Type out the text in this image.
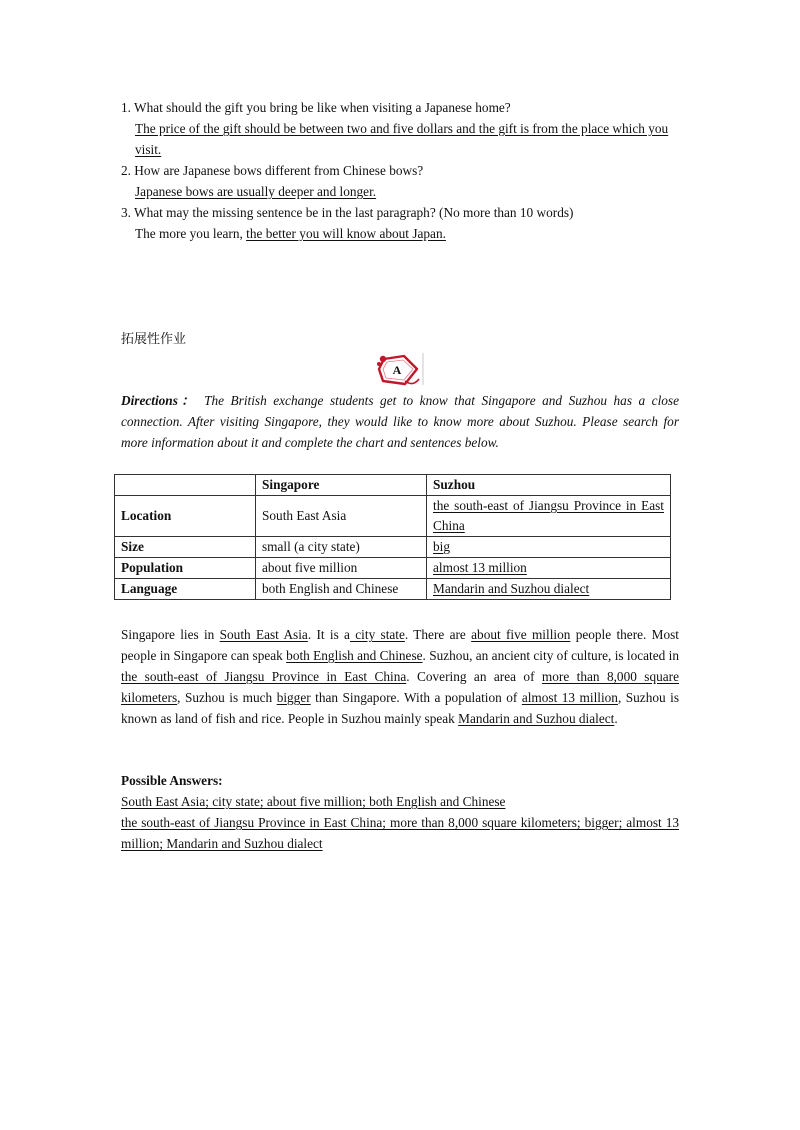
1. What should the gift you bring be like when visiting a Japanese home?
The price of the gift should be between two and five dollars and the gift is from the place which you visit.
2. How are Japanese bows different from Chinese bows?
Japanese bows are usually deeper and longer.
3. What may the missing sentence be in the last paragraph? (No more than 10 words)
The more you learn, the better you will know about Japan.
拓展性作业
A
Directions： The British exchange students get to know that Singapore and Suzhou has a close connection. After visiting Singapore, they would like to know more about Suzhou. Please search for more information about it and complete the chart and sentences below.
	Singapore	Suzhou
Location	South East Asia	the south-east of Jiangsu Province in East China
Size	small (a city state)	big
Population	about five million	almost 13 million
Language	both English and Chinese	Mandarin and Suzhou dialect
Singapore lies in South East Asia. It is a city state. There are about five million people there. Most people in Singapore can speak both English and Chinese. Suzhou, an ancient city of culture, is located in the south-east of Jiangsu Province in East China. Covering an area of more than 8,000 square kilometers, Suzhou is much bigger than Singapore. With a population of almost 13 million, Suzhou is known as land of fish and rice. People in Suzhou mainly speak Mandarin and Suzhou dialect.
Possible Answers:
South East Asia; city state; about five million; both English and Chinese
the south-east of Jiangsu Province in East China; more than 8,000 square kilometers; bigger; almost 13 million; Mandarin and Suzhou dialect
